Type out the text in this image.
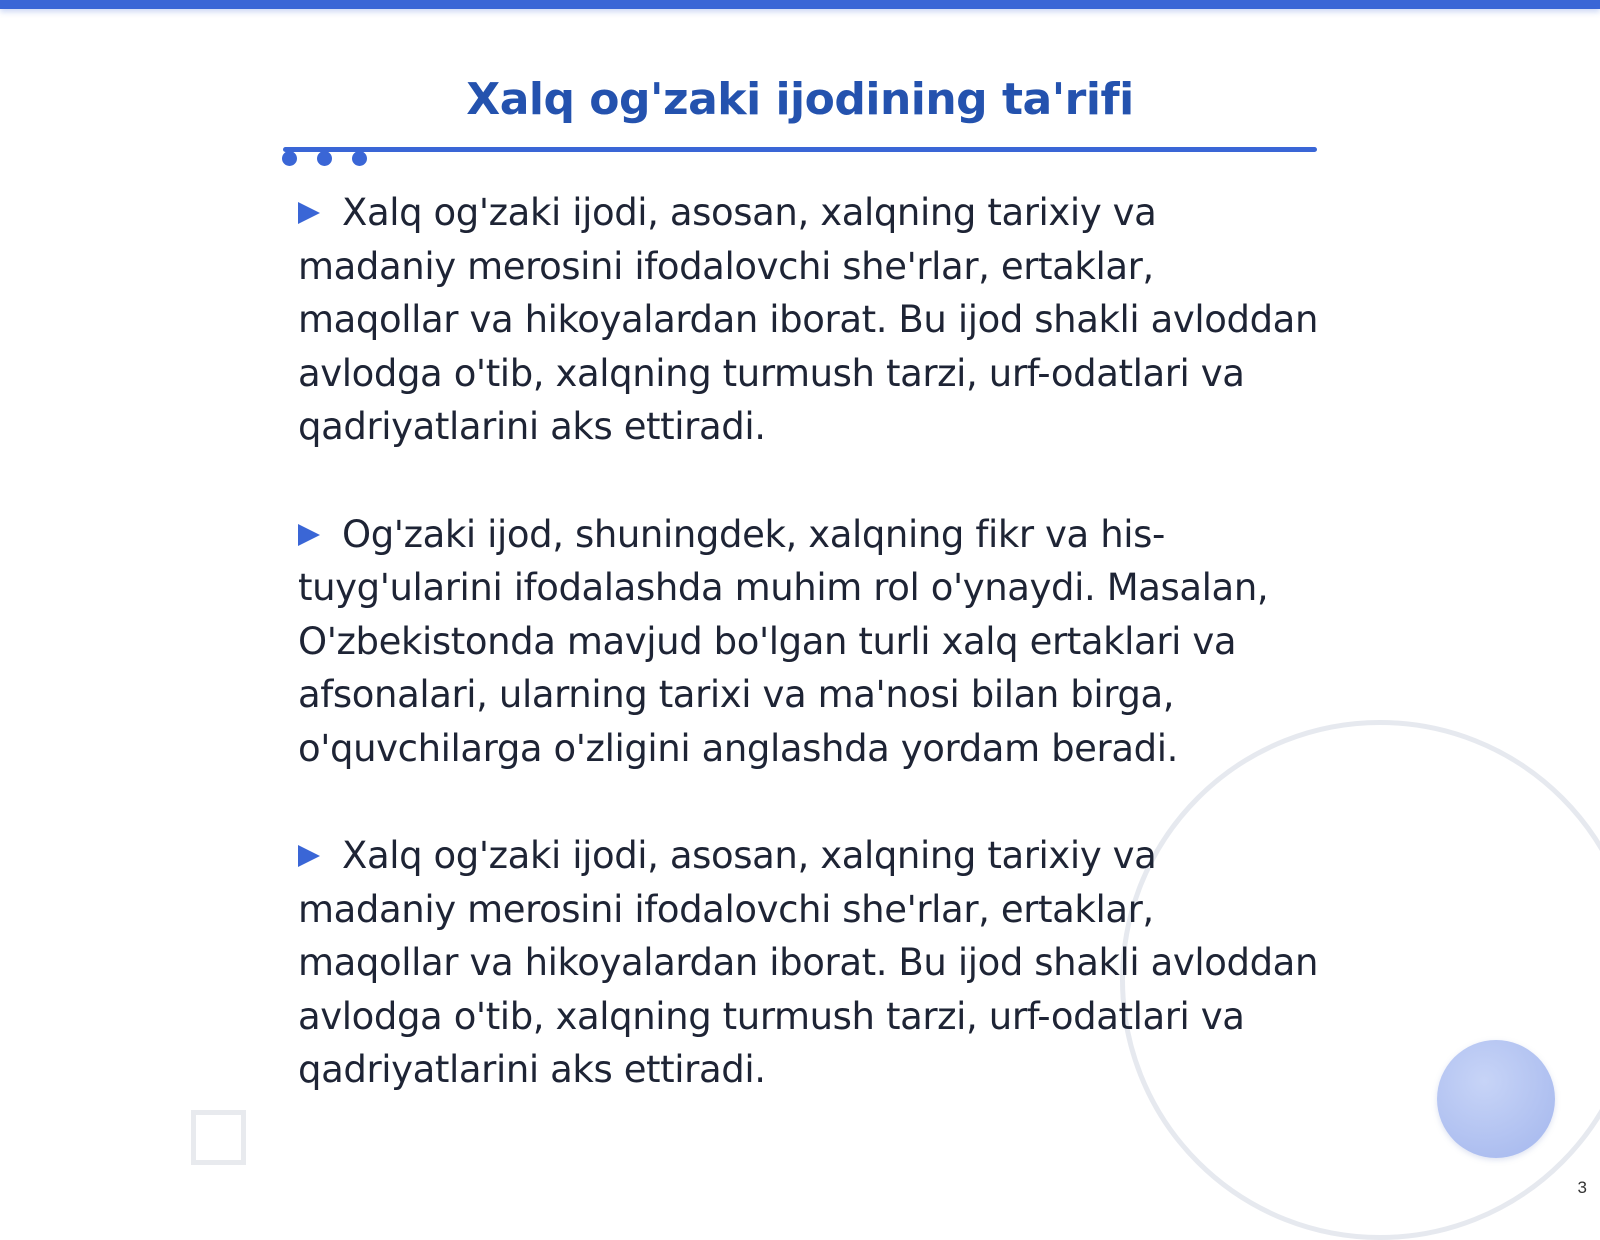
Xalq og'zaki ijodining ta'rifi

Xalq og'zaki ijodi, asosan, xalqning tarixiy va madaniy merosini ifodalovchi she'rlar, ertaklar, maqollar va hikoyalardan iborat. Bu ijod shakli avloddan avlodga o'tib, xalqning turmush tarzi, urf-odatlari va qadriyatlarini aks ettiradi.

Og'zaki ijod, shuningdek, xalqning fikr va his-tuyg'ularini ifodalashda muhim rol o'ynaydi. Masalan, O'zbekistonda mavjud bo'lgan turli xalq ertaklari va afsonalari, ularning tarixi va ma'nosi bilan birga, o'quvchilarga o'zligini anglashda yordam beradi.

Xalq og'zaki ijodi, asosan, xalqning tarixiy va madaniy merosini ifodalovchi she'rlar, ertaklar, maqollar va hikoyalardan iborat. Bu ijod shakli avloddan avlodga o'tib, xalqning turmush tarzi, urf-odatlari va qadriyatlarini aks ettiradi.

3
